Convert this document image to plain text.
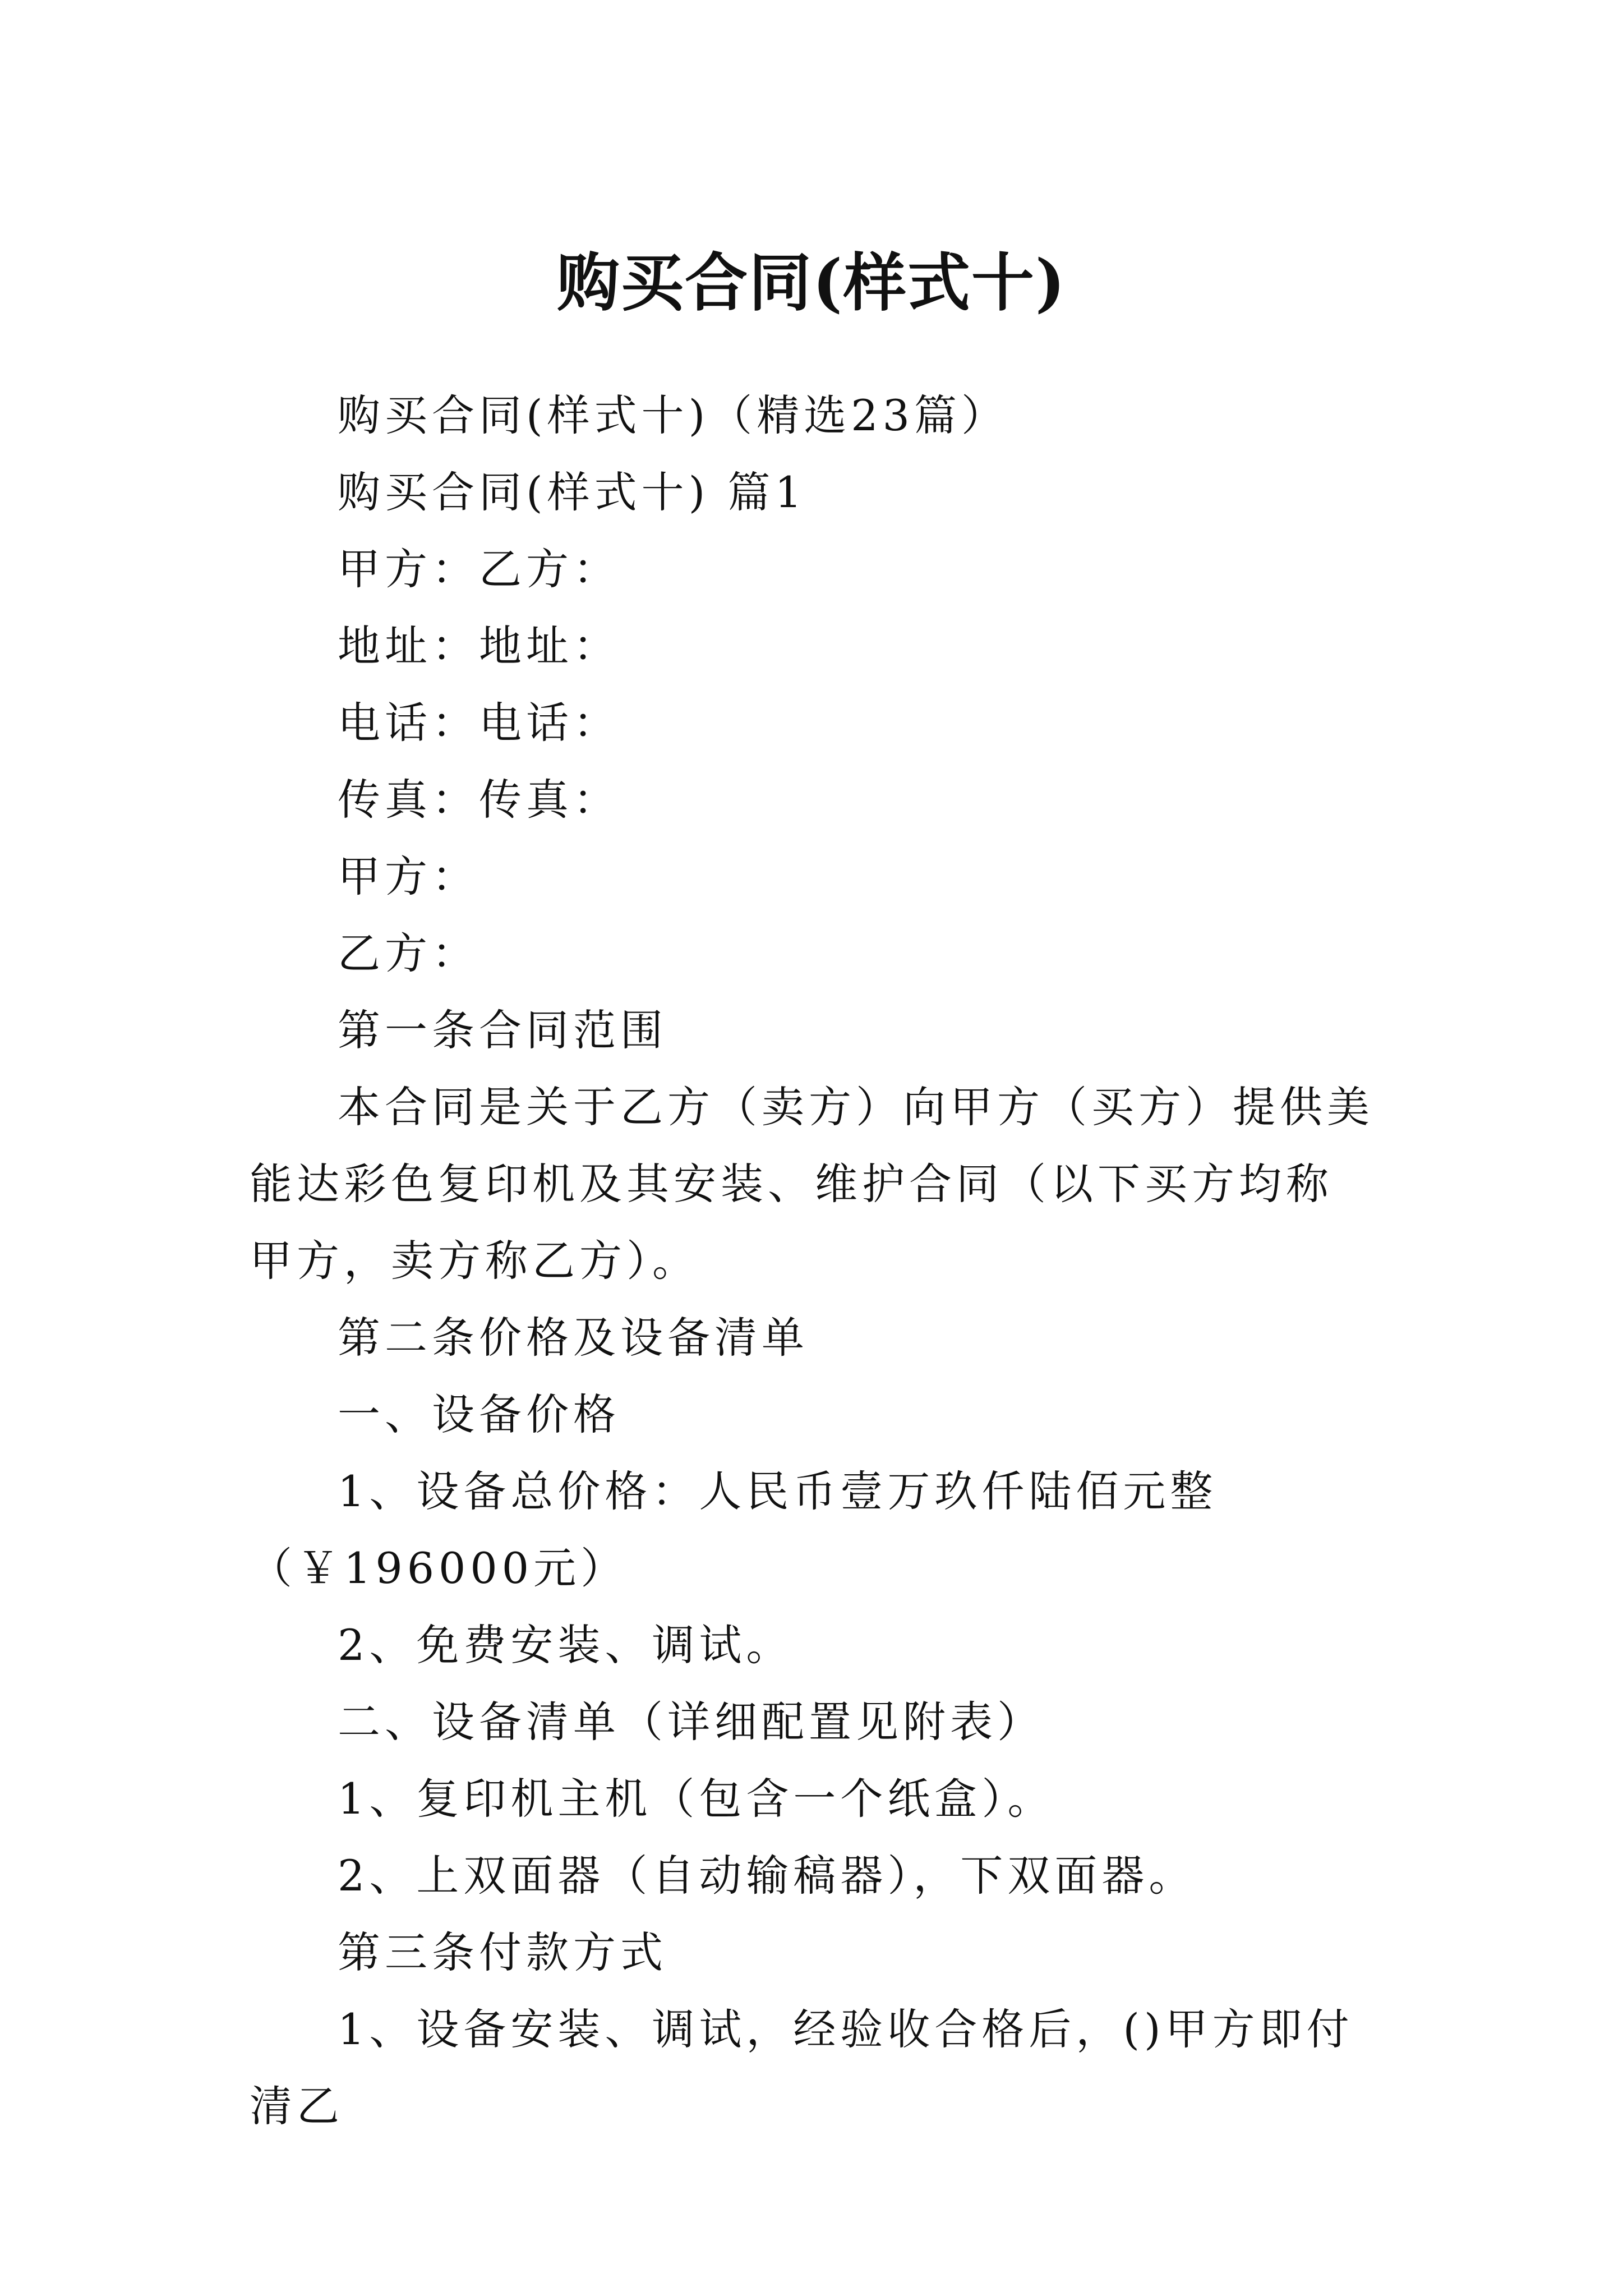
购买合同(样式十)

购买合同(样式十)（精选23篇）

购买合同(样式十) 篇1

甲方：乙方：

地址：地址：

电话：电话：

传真：传真：

甲方：

乙方：

第一条合同范围

本合同是关于乙方（卖方）向甲方（买方）提供美能达彩色复印机及其安装、维护合同（以下买方均称甲方，卖方称乙方）。

第二条价格及设备清单

一、设备价格

1、设备总价格：人民币壹万玖仟陆佰元整（￥196000元）

2、免费安装、调试。

二、设备清单（详细配置见附表）

1、复印机主机（包含一个纸盒）。

2、上双面器（自动输稿器），下双面器。

第三条付款方式

1、设备安装、调试，经验收合格后，()甲方即付清乙
